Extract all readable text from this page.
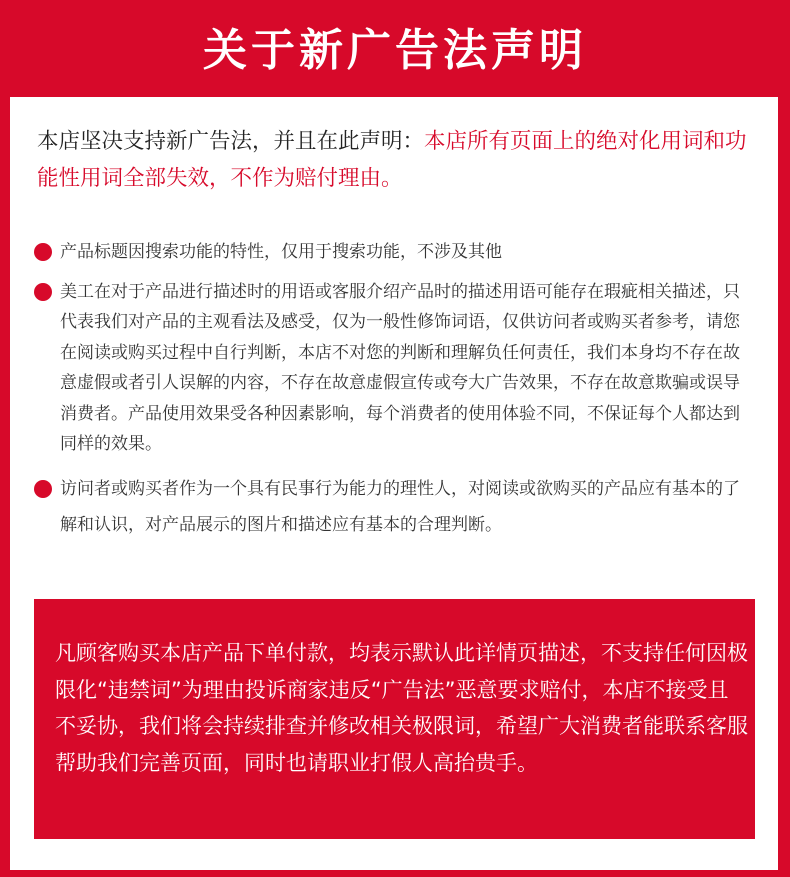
关于新广告法声明

本店坚决支持新广告法，并且在此声明：本店所有页面上的绝对化用词和功能性用词全部失效，不作为赔付理由。

产品标题因搜索功能的特性，仅用于搜索功能，不涉及其他
美工在对于产品进行描述时的用语或客服介绍产品时的描述用语可能存在瑕疵相关描述，只代表我们对产品的主观看法及感受，仅为一般性修饰词语，仅供访问者或购买者参考，请您在阅读或购买过程中自行判断，本店不对您的判断和理解负任何责任，我们本身均不存在故意虚假或者引人误解的内容，不存在故意虚假宣传或夸大广告效果，不存在故意欺骗或误导消费者。产品使用效果受各种因素影响，每个消费者的使用体验不同，不保证每个人都达到同样的效果。
访问者或购买者作为一个具有民事行为能力的理性人，对阅读或欲购买的产品应有基本的了解和认识，对产品展示的图片和描述应有基本的合理判断。

凡顾客购买本店产品下单付款，均表示默认此详情页描述，不支持任何因极限化“违禁词”为理由投诉商家违反“广告法”恶意要求赔付，本店不接受且不妥协，我们将会持续排查并修改相关极限词，希望广大消费者能联系客服帮助我们完善页面，同时也请职业打假人高抬贵手。
